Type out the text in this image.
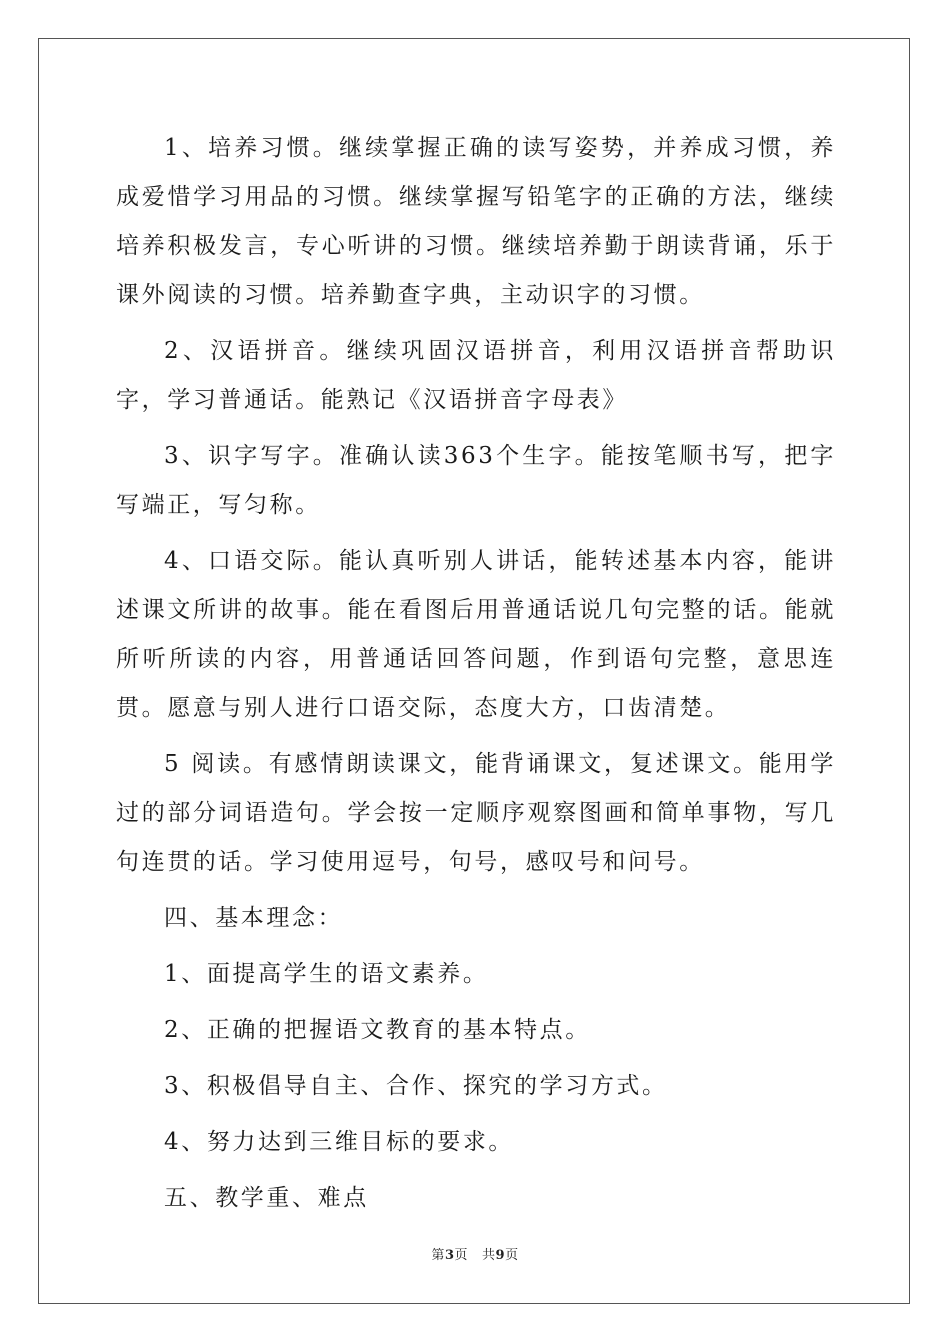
1、培养习惯。继续掌握正确的读写姿势，并养成习惯，养成爱惜学习用品的习惯。继续掌握写铅笔字的正确的方法，继续培养积极发言，专心听讲的习惯。继续培养勤于朗读背诵，乐于课外阅读的习惯。培养勤查字典，主动识字的习惯。

2、汉语拼音。继续巩固汉语拼音，利用汉语拼音帮助识字，学习普通话。能熟记《汉语拼音字母表》

3、识字写字。准确认读363个生字。能按笔顺书写，把字写端正，写匀称。

4、口语交际。能认真听别人讲话，能转述基本内容，能讲述课文所讲的故事。能在看图后用普通话说几句完整的话。能就所听所读的内容，用普通话回答问题，作到语句完整，意思连贯。愿意与别人进行口语交际，态度大方，口齿清楚。

5 阅读。有感情朗读课文，能背诵课文，复述课文。能用学过的部分词语造句。学会按一定顺序观察图画和简单事物，写几句连贯的话。学习使用逗号，句号，感叹号和问号。

四、基本理念：

1、面提高学生的语文素养。

2、正确的把握语文教育的基本特点。

3、积极倡导自主、合作、探究的学习方式。

4、努力达到三维目标的要求。

五、教学重、难点

第3页 共9页
